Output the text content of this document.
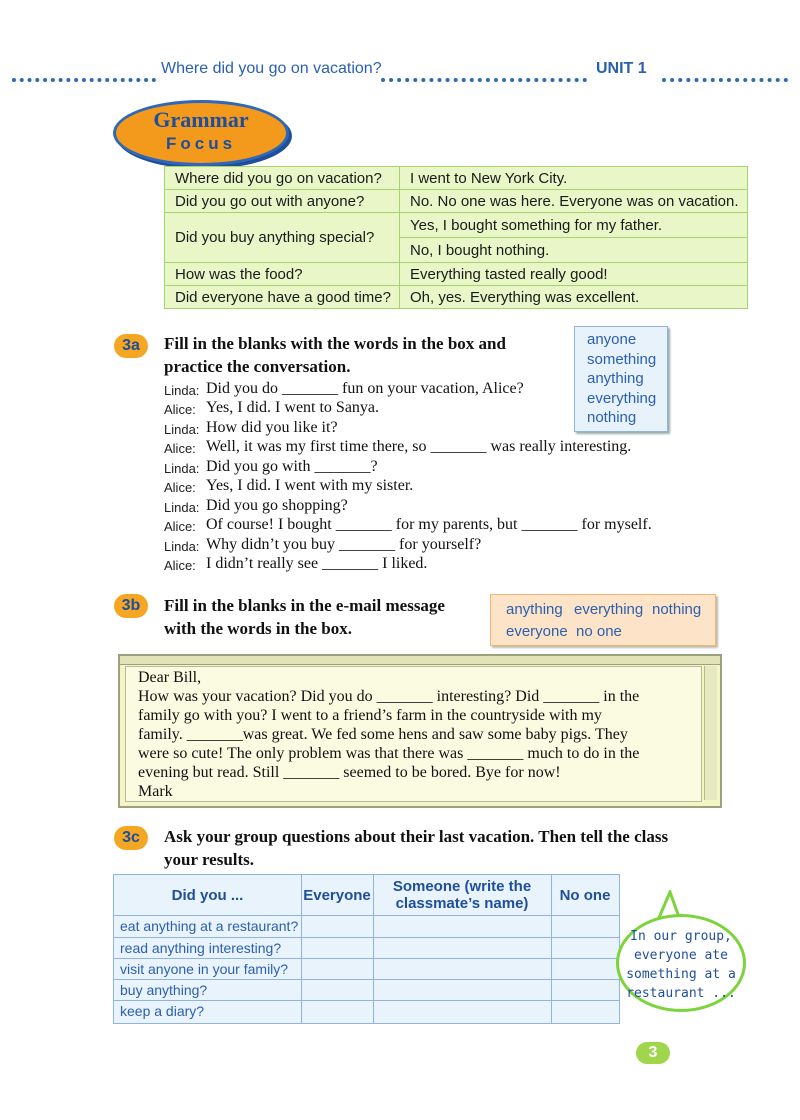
Where did you go on vacation?	UNIT 1
Grammar
Focus
Where did you go on vacation?	I went to New York City.
Did you go out with anyone?	No. No one was here. Everyone was on vacation.
Did you buy anything special?	Yes, I bought something for my father.
	No, I bought nothing.
How was the food?	Everything tasted really good!
Did everyone have a good time?	Oh, yes. Everything was excellent.
3a	Fill in the blanks with the words in the box and
practice the conversation.
anyone
something
anything
everything
nothing
Linda: Did you do _______ fun on your vacation, Alice?
Alice: Yes, I did. I went to Sanya.
Linda: How did you like it?
Alice: Well, it was my first time there, so _______ was really interesting.
Linda: Did you go with _______?
Alice: Yes, I did. I went with my sister.
Linda: Did you go shopping?
Alice: Of course! I bought _______ for my parents, but _______ for myself.
Linda: Why didn’t you buy _______ for yourself?
Alice: I didn’t really see _______ I liked.
3b	Fill in the blanks in the e-mail message
with the words in the box.
anything everything nothing
everyone no one
Dear Bill,
How was your vacation? Did you do _______ interesting? Did _______ in the
family go with you? I went to a friend’s farm in the countryside with my
family. _______was great. We fed some hens and saw some baby pigs. They
were so cute! The only problem was that there was _______ much to do in the
evening but read. Still _______ seemed to be bored. Bye for now!
Mark
3c	Ask your group questions about their last vacation. Then tell the class
your results.
Did you ...	Everyone	Someone (write the classmate’s name)	No one
eat anything at a restaurant?
read anything interesting?
visit anyone in your family?
buy anything?
keep a diary?
In our group,
everyone ate
something at a
restaurant ...
3
